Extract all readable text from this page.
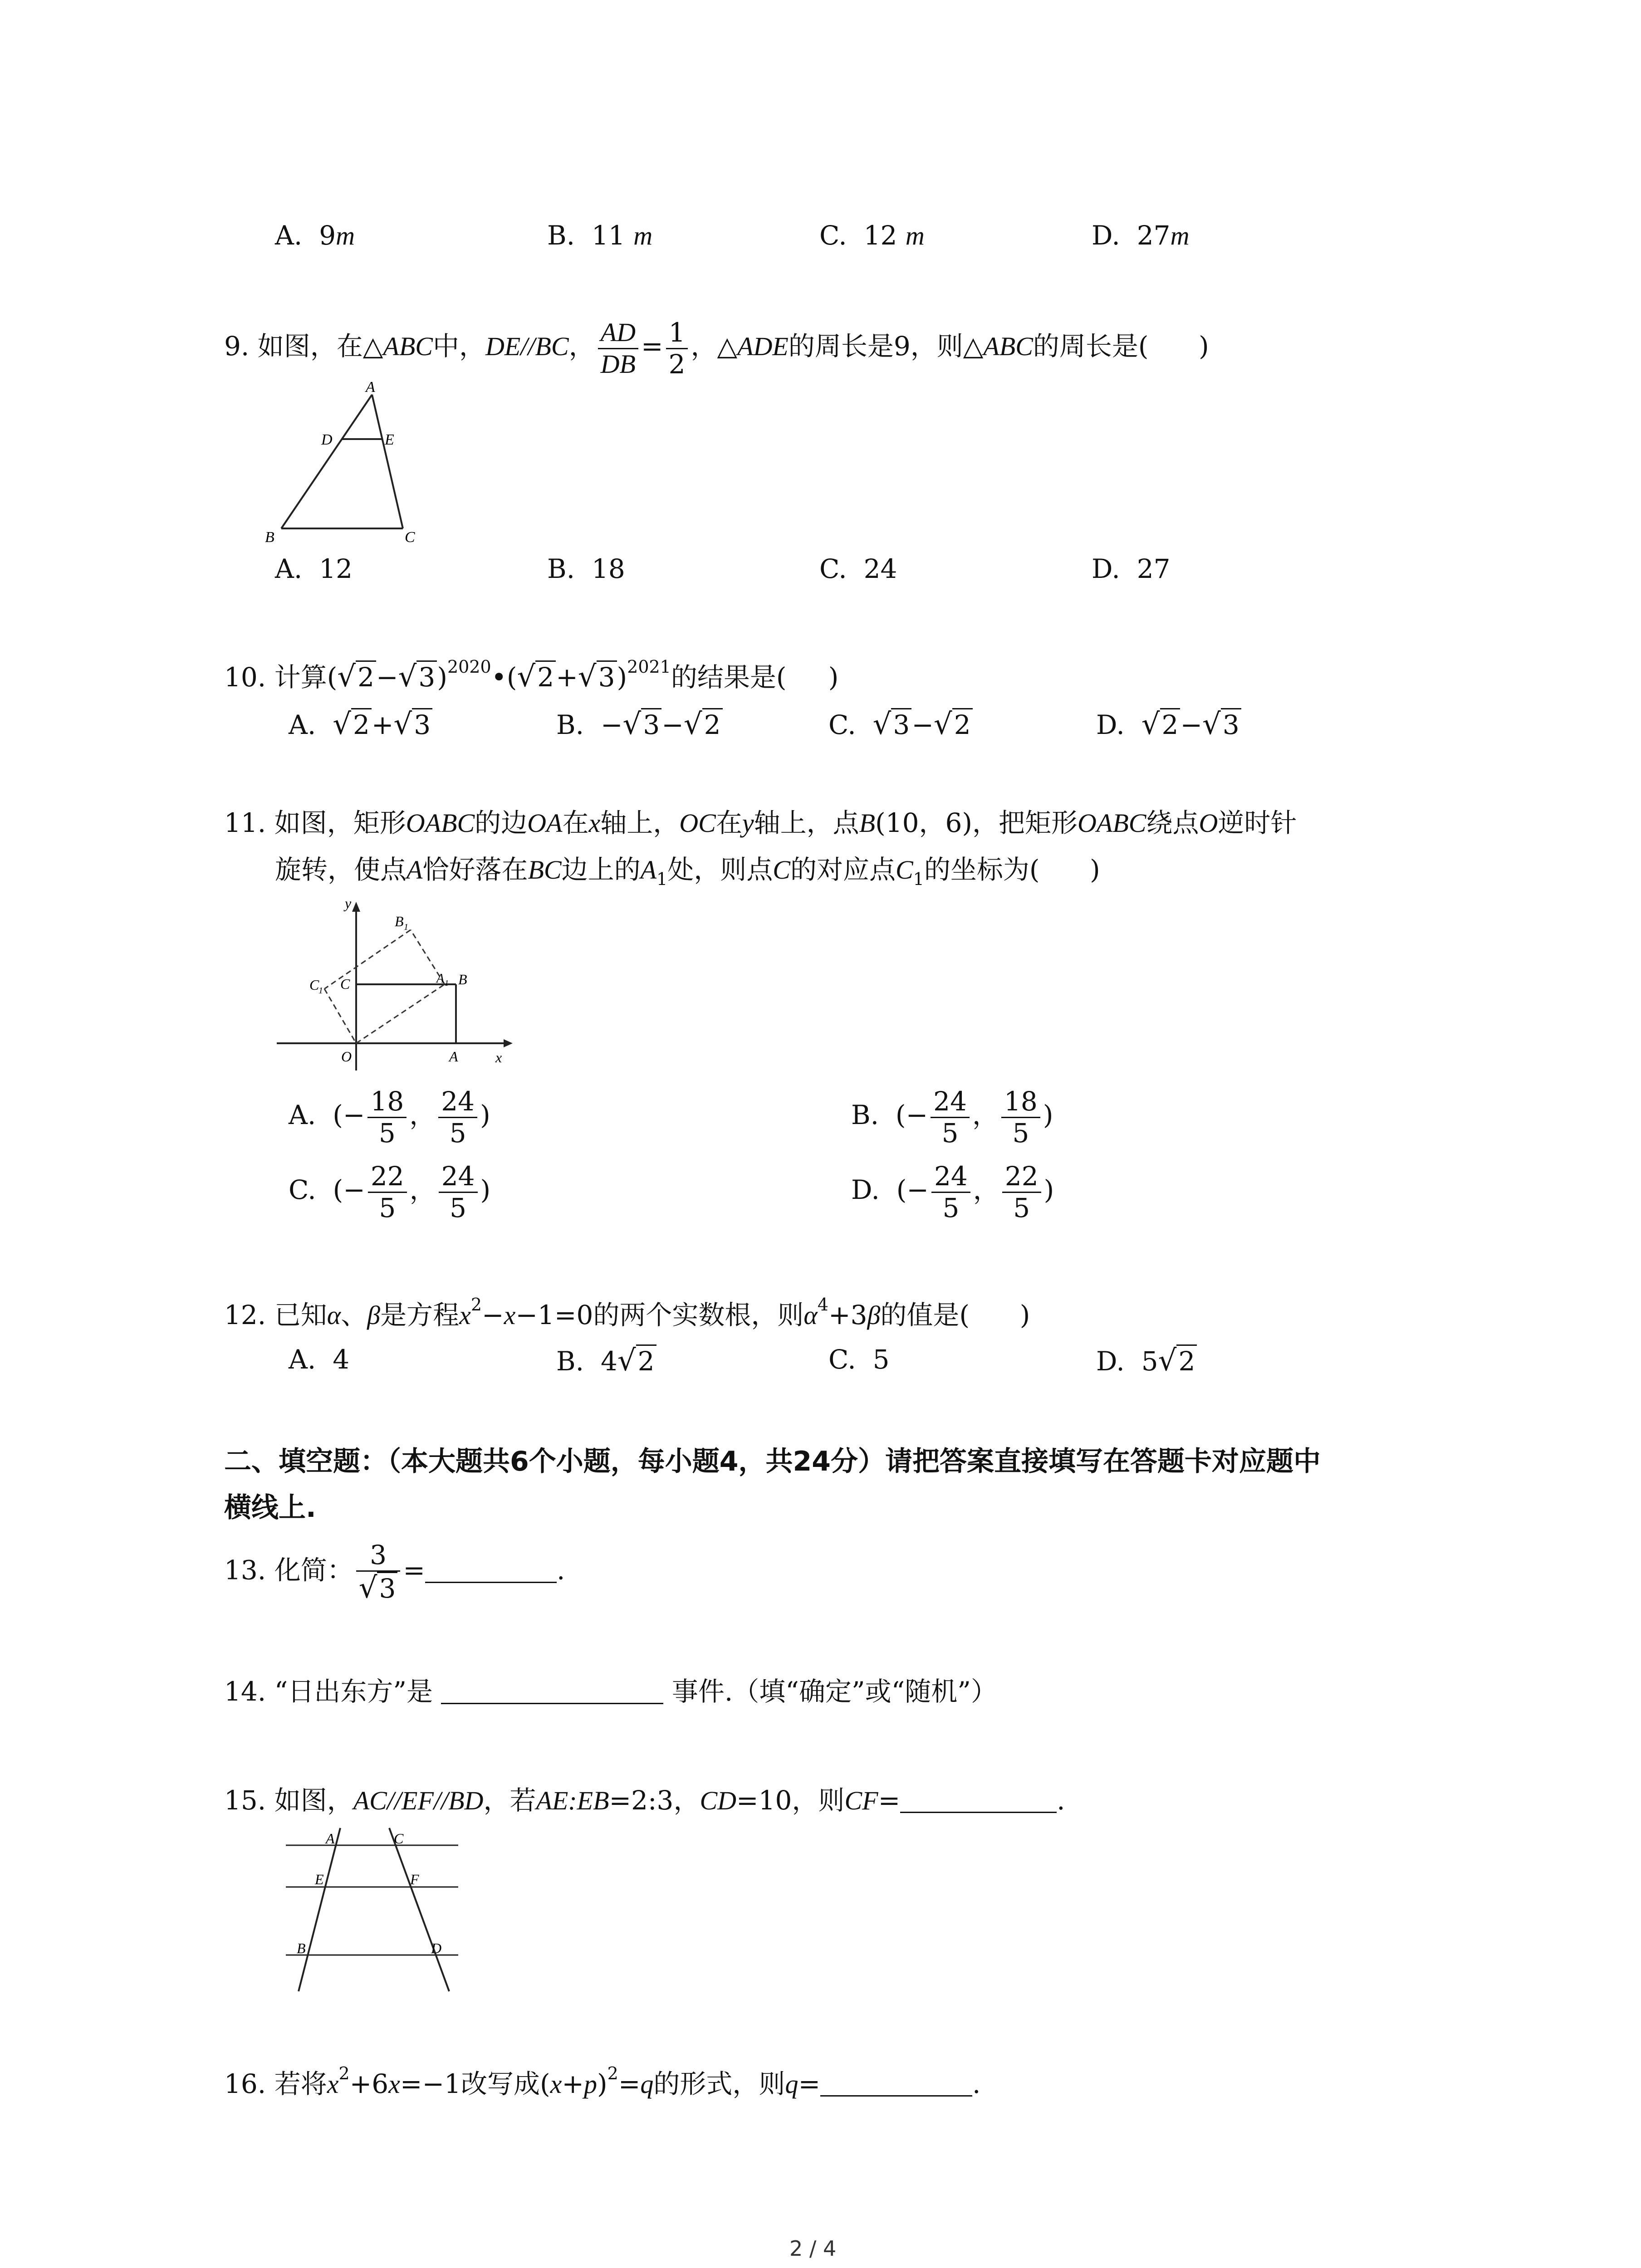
A. 9m	B. 11 m	C. 12 m	D. 27m
9. 如图，在△ABC中，DE//BC， $\frac{AD}{DB} = \frac{1}{2}$ ，△ADE的周长是9，则△ABC的周长是( )
A
D	E
B	C
A. 12	B. 18	C. 24	D. 27
10. 计算$(√2-√3)^{2020}•(√2+√3)^{2021}$的结果是( )
A. √2+√3	B. −√3−√2	C. √3−√2	D. √2−√3
11. 如图，矩形OABC的边OA在x轴上，OC在y轴上，点B(10，6)，把矩形OABC绕点O逆时针
旋转，使点A恰好落在BC边上的$A_1$处，则点C的对应点$C_1$的坐标为( )
y
x
O	A
B
C
B 1
C
1
A 1
A.  (− $\frac{18}{5}$ ， $\frac{24}{5}$ )	B.  (− $\frac{24}{5}$ ， $\frac{18}{5}$ )
C.  (− $\frac{22}{5}$ ， $\frac{24}{5}$ )	D.  (− $\frac{24}{5}$ ， $\frac{22}{5}$ )
12. 已知α、β是方程$x^2-x-1=0$的两个实数根，则$\alpha^4+3\beta$的值是( )
A. 4	B. 4√2	C. 5	D. 5√2
二、填空题：（本大题共6个小题，每小题4，共24分）请把答案直接填写在答题卡对应题中
横线上.
13. 化简： $\frac{3}{√3}$ =	.
14. “日出东方”是	事件.（填“确定”或“随机”）
15. 如图，AC//EF//BD，若AE:EB=2:3，CD=10，则CF=	.
A	C
E	F
B	D
16. 若将$x^2+6x=-1$改写成$(x+p)^2=q$的形式，则q=	.
2 / 4
